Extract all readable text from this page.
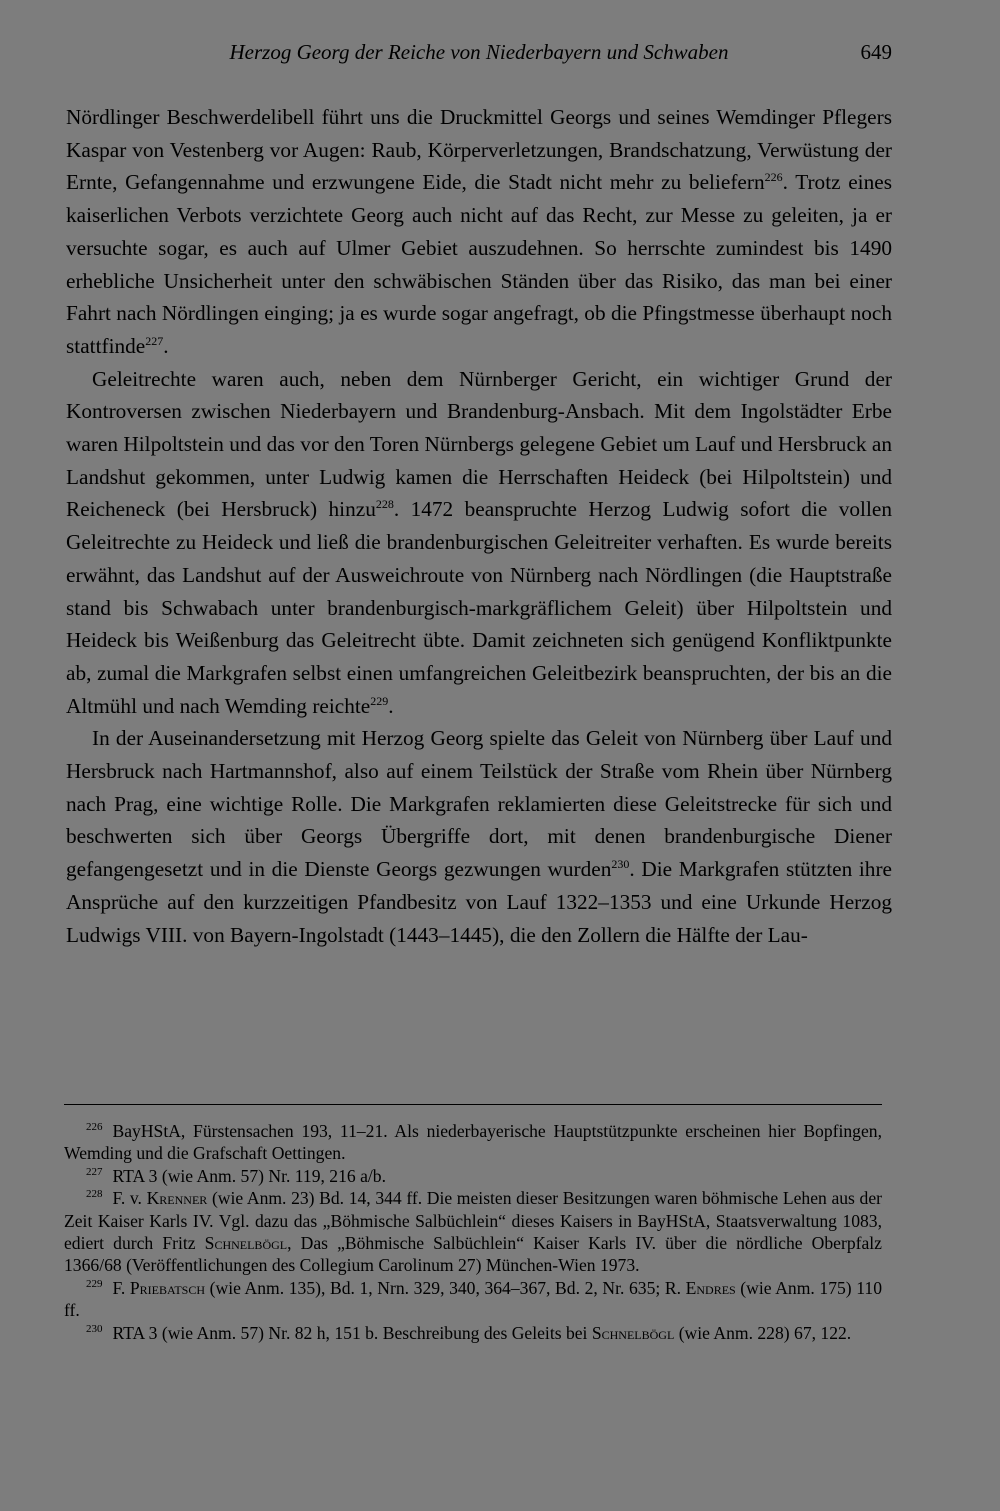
Herzog Georg der Reiche von Niederbayern und Schwaben	649

Nördlinger Beschwerdelibell führt uns die Druckmittel Georgs und seines Wemdinger Pflegers Kaspar von Vestenberg vor Augen: Raub, Körperverletzungen, Brandschatzung, Verwüstung der Ernte, Gefangennahme und erzwungene Eide, die Stadt nicht mehr zu beliefern$^{226}$. Trotz eines kaiserlichen Verbots verzichtete Georg auch nicht auf das Recht, zur Messe zu geleiten, ja er versuchte sogar, es auch auf Ulmer Gebiet auszudehnen. So herrschte zumindest bis 1490 erhebliche Unsicherheit unter den schwäbischen Ständen über das Risiko, das man bei einer Fahrt nach Nördlingen einging; ja es wurde sogar angefragt, ob die Pfingstmesse überhaupt noch stattfinde$^{227}$.

Geleitrechte waren auch, neben dem Nürnberger Gericht, ein wichtiger Grund der Kontroversen zwischen Niederbayern und Brandenburg-Ansbach. Mit dem Ingolstädter Erbe waren Hilpoltstein und das vor den Toren Nürnbergs gelegene Gebiet um Lauf und Hersbruck an Landshut gekommen, unter Ludwig kamen die Herrschaften Heideck (bei Hilpoltstein) und Reicheneck (bei Hersbruck) hinzu$^{228}$. 1472 beanspruchte Herzog Ludwig sofort die vollen Geleitrechte zu Heideck und ließ die brandenburgischen Geleitreiter verhaften. Es wurde bereits erwähnt, das Landshut auf der Ausweichroute von Nürnberg nach Nördlingen (die Hauptstraße stand bis Schwabach unter brandenburgisch-markgräflichem Geleit) über Hilpoltstein und Heideck bis Weißenburg das Geleitrecht übte. Damit zeichneten sich genügend Konfliktpunkte ab, zumal die Markgrafen selbst einen umfangreichen Geleitbezirk beanspruchten, der bis an die Altmühl und nach Wemding reichte$^{229}$.

In der Auseinandersetzung mit Herzog Georg spielte das Geleit von Nürnberg über Lauf und Hersbruck nach Hartmannshof, also auf einem Teilstück der Straße vom Rhein über Nürnberg nach Prag, eine wichtige Rolle. Die Markgrafen reklamierten diese Geleitstrecke für sich und beschwerten sich über Georgs Übergriffe dort, mit denen brandenburgische Diener gefangengesetzt und in die Dienste Georgs gezwungen wurden$^{230}$. Die Markgrafen stützten ihre Ansprüche auf den kurzzeitigen Pfandbesitz von Lauf 1322–1353 und eine Urkunde Herzog Ludwigs VIII. von Bayern-Ingolstadt (1443–1445), die den Zollern die Hälfte der Lau-

$^{226}$ BayHStA, Fürstensachen 193, 11–21. Als niederbayerische Hauptstützpunkte erscheinen hier Bopfingen, Wemding und die Grafschaft Oettingen.

$^{227}$ RTA 3 (wie Anm. 57) Nr. 119, 216 a/b.

$^{228}$ F. v. Krenner (wie Anm. 23) Bd. 14, 344 ff. Die meisten dieser Besitzungen waren böhmische Lehen aus der Zeit Kaiser Karls IV. Vgl. dazu das „Böhmische Salbüchlein“ dieses Kaisers in BayHStA, Staatsverwaltung 1083, ediert durch Fritz Schnelbögl, Das „Böhmische Salbüchlein“ Kaiser Karls IV. über die nördliche Oberpfalz 1366/68 (Veröffentlichungen des Collegium Carolinum 27) München-Wien 1973.

$^{229}$ F. Priebatsch (wie Anm. 135), Bd. 1, Nrn. 329, 340, 364–367, Bd. 2, Nr. 635; R. Endres (wie Anm. 175) 110 ff.

$^{230}$ RTA 3 (wie Anm. 57) Nr. 82 h, 151 b. Beschreibung des Geleits bei Schnelbögl (wie Anm. 228) 67, 122.
